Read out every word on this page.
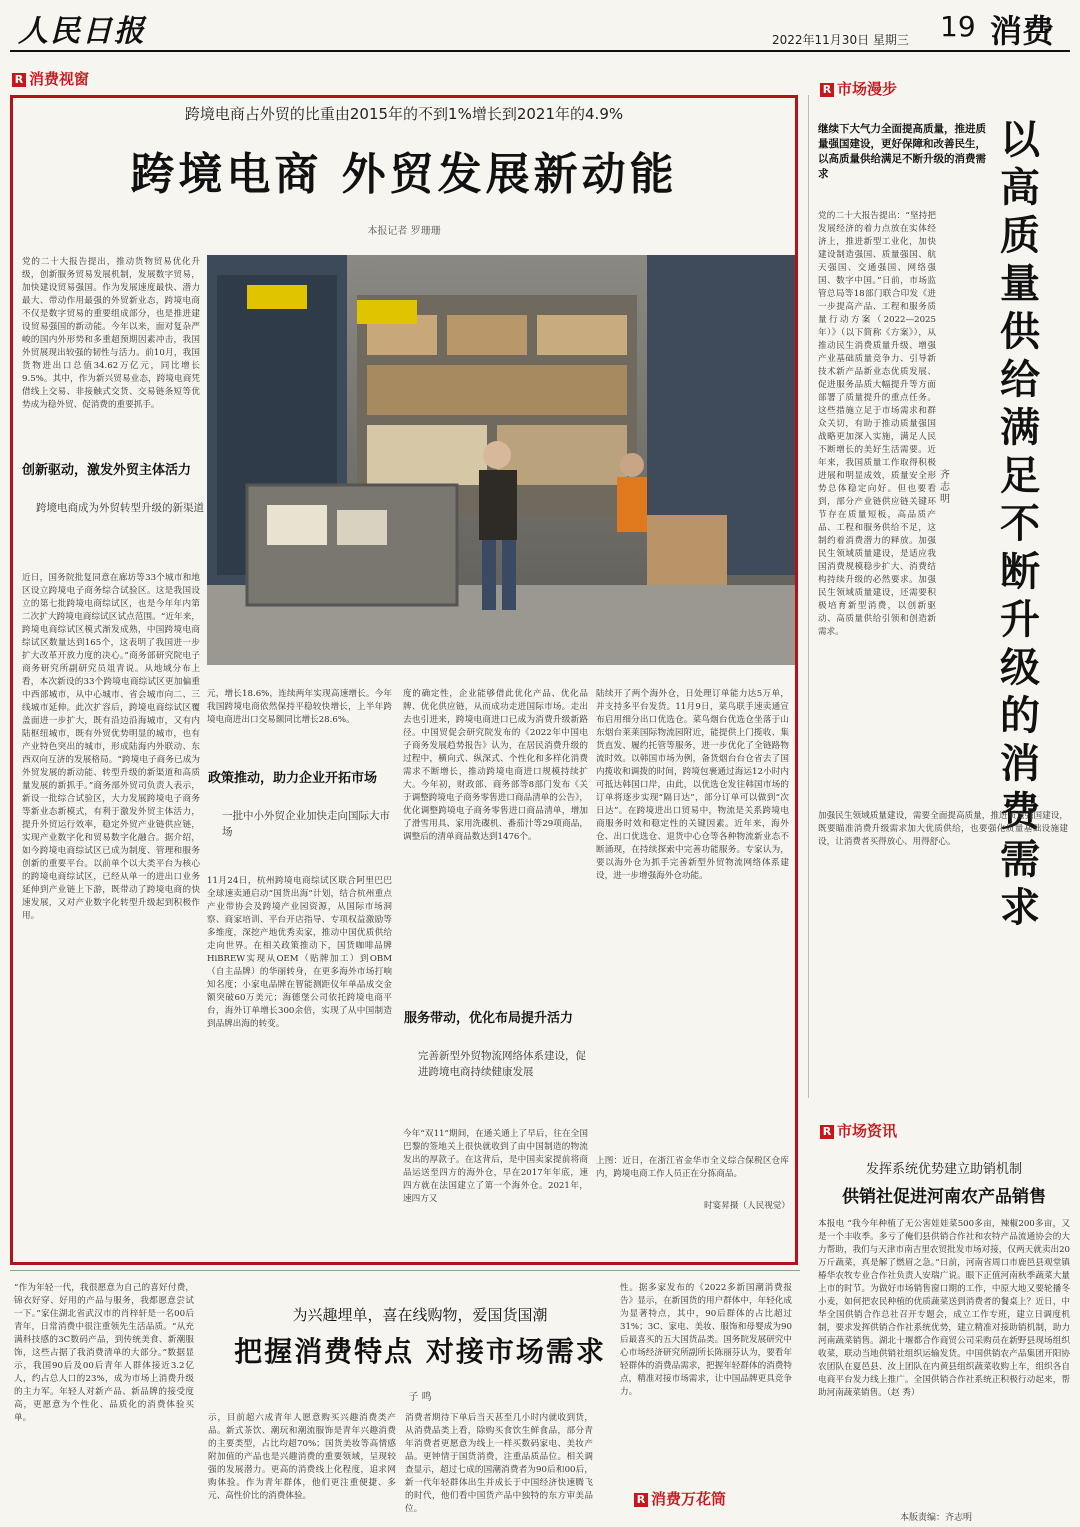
人民日报	2022年11月30日 星期三 19 消费
R 消费视窗
跨境电商占外贸的比重由2015年的不到1%增长到2021年的4.9%
跨境电商 外贸发展新动能
本报记者 罗珊珊
党的二十大报告提出，推动货物贸易优化升级，创新服务贸易发展机制，发展数字贸易，加快建设贸易强国。作为发展速度最快、潜力最大、带动作用最强的外贸新业态，跨境电商不仅是数字贸易的重要组成部分，也是推进建设贸易强国的新动能。今年以来，面对复杂严峻的国内外形势和多重超预期因素冲击，我国外贸展现出较强的韧性与活力。前10月，我国货物进出口总值34.62万亿元，同比增长9.5%。其中，作为新兴贸易业态，跨境电商凭借线上交易、非接触式交货、交易链条短等优势成为稳外贸、促消费的重要抓手。
创新驱动，激发外贸主体活力
跨境电商成为外贸转型升级的新渠道
近日，国务院批复同意在廊坊等33个城市和地区设立跨境电子商务综合试验区。这是我国设立的第七批跨境电商综试区，也是今年年内第二次扩大跨境电商综试区试点范围。“近年来，跨境电商综试区模式渐发成熟，中国跨境电商综试区数量达到165个，这表明了我国进一步扩大改革开放力度的决心。”商务部研究院电子商务研究所副研究员俎青说。从地域分布上看，本次新设的33个跨境电商综试区更加偏重中西部城市，从中心城市、省会城市向二、三线城市延伸。此次扩容后，跨境电商综试区覆盖面进一步扩大，既有沿边沿海城市，又有内陆枢纽城市，既有外贸优势明显的城市，也有产业特色突出的城市，形成陆海内外联动、东西双向互济的发展格局。“跨境电子商务已成为外贸发展的新动能、转型升级的新渠道和高质量发展的新抓手。”商务部外贸司负责人表示，新设一批综合试验区，大力发展跨境电子商务等新业态新模式，有利于激发外贸主体活力，提升外贸运行效率，稳定外贸产业链供应链，实现产业数字化和贸易数字化融合。据介绍，如今跨境电商综试区已成为制度、管理和服务创新的重要平台。以前单个以大类平台为核心的跨境电商综试区，已经从单一的进出口业务延伸到产业链上下游，既带动了跨境电商的快速发展，又对产业数字化转型升级起到积极作用。
元，增长18.6%，连续两年实现高速增长。今年我国跨境电商依然保持平稳较快增长，上半年跨境电商进出口交易额同比增长28.6%。
政策推动，助力企业开拓市场
一批中小外贸企业加快走向国际大市场
11月24日，杭州跨境电商综试区联合阿里巴巴全球速卖通启动“国货出海”计划，结合杭州重点产业带协会及跨境产业园资源，从国际市场洞察、商家培训、平台开店指导、专项权益激励等多维度，深挖产地优秀卖家，推动中国优质供给走向世界。在相关政策推动下，国货咖啡品牌HiBREW实现从OEM（贴牌加工）到OBM（自主品牌）的华丽转身，在更多海外市场打响知名度；小家电品牌在智能测距仪年单品成交金额突破60万美元；海德堡公司依托跨境电商平台，海外订单增长300余倍，实现了从中国制造到品牌出海的转变。
度的确定性，企业能够借此优化产品、优化品牌、优化供应链，从而成功走进国际市场。走出去也引进来，跨境电商进口已成为消费升级新路径。中国贸促会研究院发布的《2022年中国电子商务发展趋势报告》认为，在居民消费升级的过程中，横向式、纵深式、个性化和多样化消费需求不断增长，推动跨境电商进口规模持续扩大。今年初，财政部、商务部等8部门发布《关于调整跨境电子商务零售进口商品清单的公告》，优化调整跨境电子商务零售进口商品清单，增加了滑雪用具、家用洗碟机、番茄汁等29项商品，调整后的清单商品数达到1476个。
服务带动，优化布局提升活力
完善新型外贸物流网络体系建设，促进跨境电商持续健康发展
今年“双11”期间，在通关通上了早后，往在全国巴黎的签地关上很快就收到了由中国制造的物流发出的厚款子。在这背后，是中国卖家提前将商品运送至四方的海外仓，早在2017年年底，速四方就在法国建立了第一个海外仓。2021年，速四方又
陆续开了两个海外仓，日处理订单能力达5万单，并支持多平台发货。11月9日，菜鸟联手速卖通宣布启用细分出口优选仓。菜鸟烟台优选仓坐落于山东烟台莱莱国际物流园附近，能提供上门揽收、集货直发、履约托管等服务，进一步优化了全链路物流时效。以韩国市场为例，备货烟台台仓省去了国内揽收和调拨的时间，跨境包裹通过海运12小时内可抵达韩国口岸，由此，以优选仓发往韩国市场的订单将逐步实现“隔日达”，部分订单可以做到“次日达”。在跨境进出口贸易中，物流是关系跨境电商服务时效和稳定性的关键因素。近年来，海外仓、出口优选仓、退货中心仓等各种物流新业态不断涌现，在持续探索中完善功能服务。专家认为，要以海外仓为抓手完善新型外贸物流网络体系建设，进一步增强海外仓功能。
上图：近日，在浙江省金华市全义综合保税区仓库内，跨境电商工作人员正在分拣商品。
时宴昇摄（人民视觉）
R 市场漫步
以高质量供给满足不断升级的消费需求
继续下大气力全面提高质量，推进质量强国建设，更好保障和改善民生，以高质量供给满足不断升级的消费需求
齐志明
党的二十大报告提出：“坚持把发展经济的着力点放在实体经济上，推进新型工业化，加快建设制造强国、质量强国、航天强国、交通强国、网络强国、数字中国。”日前，市场监管总局等18部门联合印发《进一步提高产品、工程和服务质量行动方案（2022—2025年）》（以下简称《方案》），从推动民生消费质量升级、增强产业基础质量竞争力、引导新技术新产品新业态优质发展、促进服务品质大幅提升等方面部署了质量提升的重点任务。这些措施立足于市场需求和群众关切，有助于推动质量强国战略更加深入实施，满足人民不断增长的美好生活需要。近年来，我国质量工作取得积极进展和明显成效，质量安全形势总体稳定向好。但也要看到，部分产业链供应链关键环节存在质量短板，高品质产品、工程和服务供给不足，这制约着消费潜力的释放。加强民生领域质量建设，是适应我国消费规模稳步扩大、消费结构持续升级的必然要求。加强民生领域质量建设，还需要积极培育新型消费，以创新驱动、高质量供给引领和创造新需求。
加强民生领域质量建设，需要全面提高质量，推进质量强国建设，既要瞄准消费升级需求加大优质供给，也要强化质量基础设施建设，让消费者买得放心、用得舒心。
R 市场资讯
发挥系统优势建立助销机制
供销社促进河南农产品销售
本报电 “我今年种植了无公害娃娃菜500多亩，辣椒200多亩，又是一个丰收季。多亏了俺们县供销合作社和农特产品流通协会的大力帮助，我们与天津市南吉里农贸批发市场对接，仅两天就卖出20万斤蔬菜，真是解了燃眉之急。”日前，河南省周口市鹿邑县观堂镇椿华农牧专业合作社负责人安瑞广说。眼下正值河南秋季蔬菜大量上市的时节。为做好市场销售窗口期的工作，中原大地又要轮播冬小麦，如何把农民种植的优质蔬菜送到消费者的餐桌上？近日，中华全国供销合作总社召开专题会，成立工作专班，建立日调度机制，要求发挥供销合作社系统优势，建立精准对接助销机制，助力河南蔬菜销售。湖北十堰都合作商贸公司采购员在新野县现场组织收菜，联动当地供销社组织运输发货。中国供销农产品集团开阳协农团队在夏邑县、汝上团队在内黄县组织蔬菜收购上车，组织各自电商平台发力线上推广。全国供销合作社系统正积极行动起来，帮助河南蔬菜销售。（赵 秀）
“作为年轻一代，我很愿意为自己的喜好付费，锦衣好穿、好用的产品与服务，我都愿意尝试一下。”家住湖北省武汉市的肖梓轩是一名00后青年，日常消费中很注重领先生活品质。“从充满科技感的3C数码产品，到传统美食、新潮服饰，这些占据了我消费清单的大部分。”数据显示，我国90后及00后青年人群体接近3.2亿人，约占总人口的23%，成为市场上消费升级的主力军。年轻人对新产品、新品牌的接受度高，更愿意为个性化、品质化的消费体验买单。
为兴趣埋单，喜在线购物，爱国货国潮
把握消费特点 对接市场需求
子 鸣
示，目前超六成青年人愿意购买兴趣消费类产品。新式茶饮、潮玩和潮流服饰是青年兴趣消费的主要类型，占比均超70%；国货美妆等高情感附加值的产品也是兴趣消费的重要领域，呈现较强的发展潜力。更高的消费线上化程度，追求网购体验。作为青年群体，他们更注重便捷、多元、高性价比的消费体验。
消费者期待下单后当天甚至几小时内就收到货，从消费品类上看，除购买食饮生鲜食品，部分青年消费者更愿意为线上一样买数码家电、美妆产品。更钟情于国货消费，注重品质品位。相关调查显示，超过七成的国潮消费者为90后和00后，新一代年轻群体出生并成长于中国经济快速腾飞的时代，他们看中国货产品中独特的东方审美品位。
性。据多家发布的《2022多新国潮消费报告》显示，在新国货的用户群体中，年轻化成为显著特点，其中，90后群体的占比超过31%；3C、家电、美妆、服饰和母婴成为90后最喜买的五大国货品类。国务院发展研究中心市场经济研究所副所长陈丽芬认为，要看年轻群体的消费品需求，把握年轻群体的消费特点，精准对接市场需求，让中国品牌更具竞争力。
R 消费万花筒
本版责编：齐志明
